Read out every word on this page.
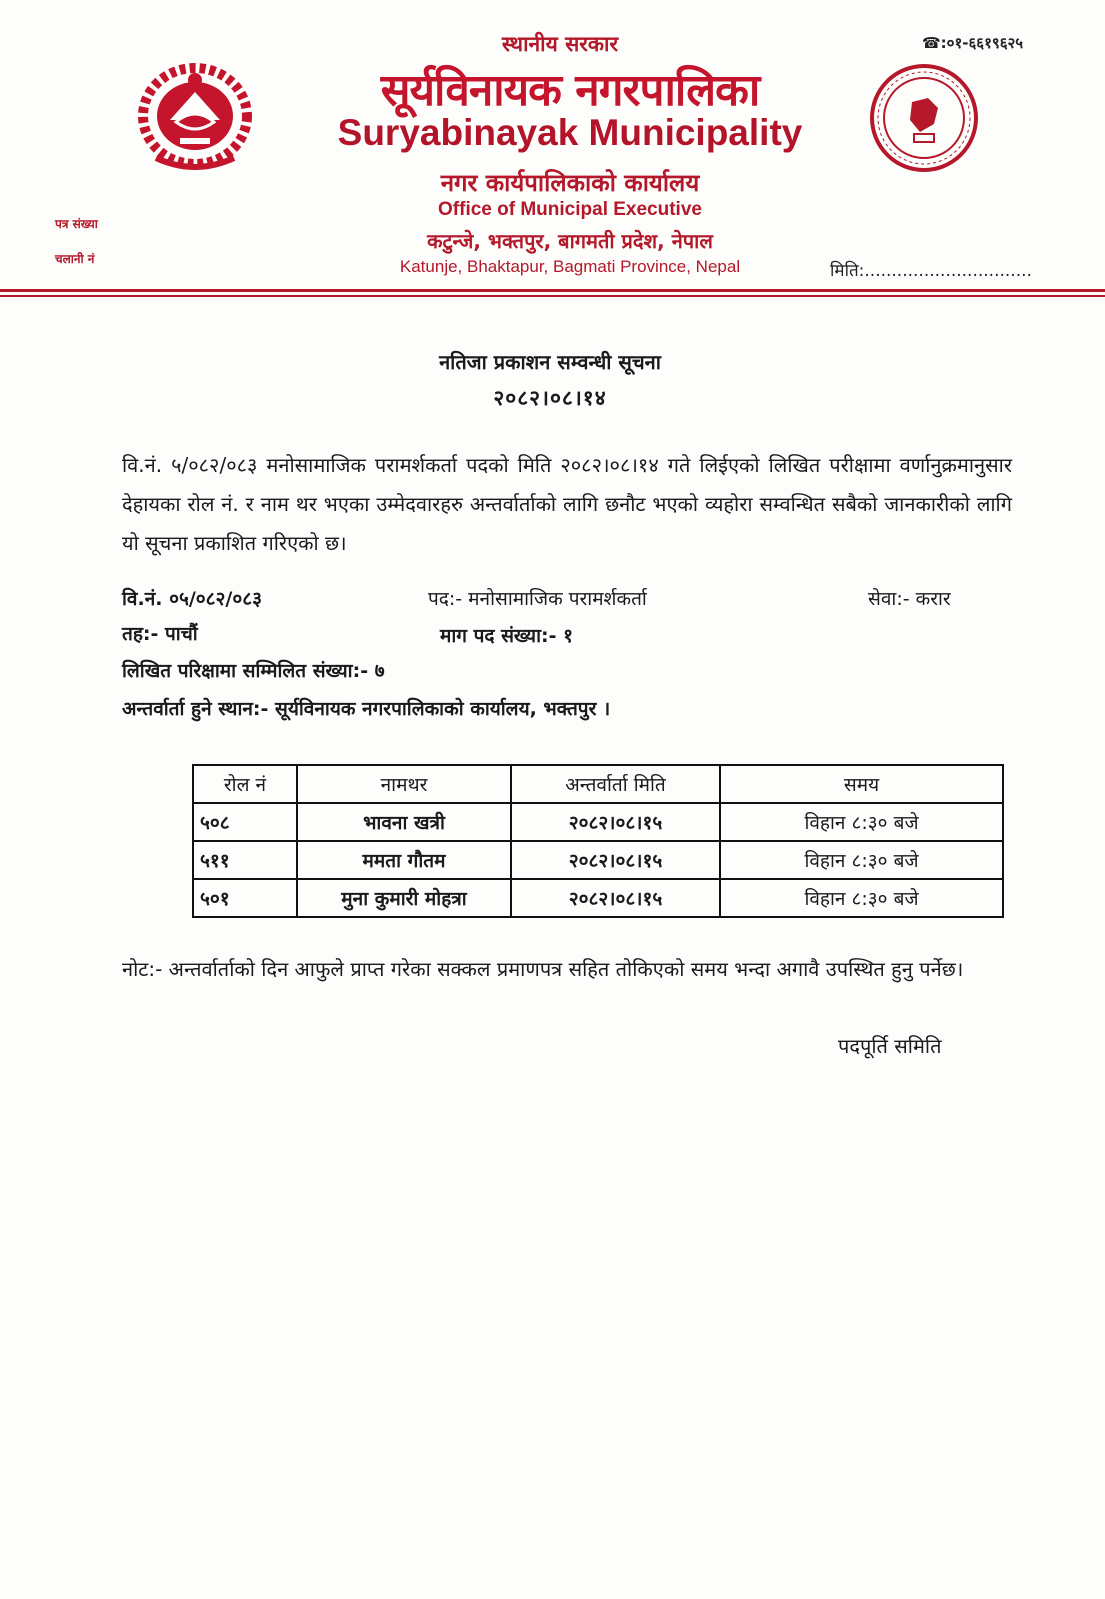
स्थानीय सरकार	☎:०१-६६१९६२५
सूर्यविनायक नगरपालिका
Suryabinayak Municipality
नगर कार्यपालिकाको कार्यालय
Office of Municipal Executive
कटुन्जे, भक्तपुर, बागमती प्रदेश, नेपाल
Katunje, Bhaktapur, Bagmati Province, Nepal
पत्र संख्या
चलानी नं
मिति:...............................
नतिजा प्रकाशन सम्वन्धी सूचना
२०८२।०८।१४
वि.नं. ५/०८२/०८३ मनोसामाजिक परामर्शकर्ता पदको मिति २०८२।०८।१४ गते लिईएको लिखित परीक्षामा वर्णानुक्रमानुसार देहायका रोल नं. र नाम थर भएका उम्मेदवारहरु अन्तर्वार्ताको लागि छनौट भएको व्यहोरा सम्वन्धित सबैको जानकारीको लागि यो सूचना प्रकाशित गरिएको छ।
वि.नं. ०५/०८२/०८३	पद:- मनोसामाजिक परामर्शकर्ता	सेवा:- करार
तह:- पाचौं	माग पद संख्या:- १
लिखित परिक्षामा सम्मिलित संख्या:- ७
अन्तर्वार्ता हुने स्थान:- सूर्यविनायक नगरपालिकाको कार्यालय, भक्तपुर ।
रोल नं	नामथर	अन्तर्वार्ता मिति	समय
५०८	भावना खत्री	२०८२।०८।१५	विहान ८:३० बजे
५११	ममता गौतम	२०८२।०८।१५	विहान ८:३० बजे
५०१	मुना कुमारी मोहत्रा	२०८२।०८।१५	विहान ८:३० बजे
नोट:- अन्तर्वार्ताको दिन आफुले प्राप्त गरेका सक्कल प्रमाणपत्र सहित तोकिएको समय भन्दा अगावै उपस्थित हुनु पर्नेछ।
पदपूर्ति समिति
